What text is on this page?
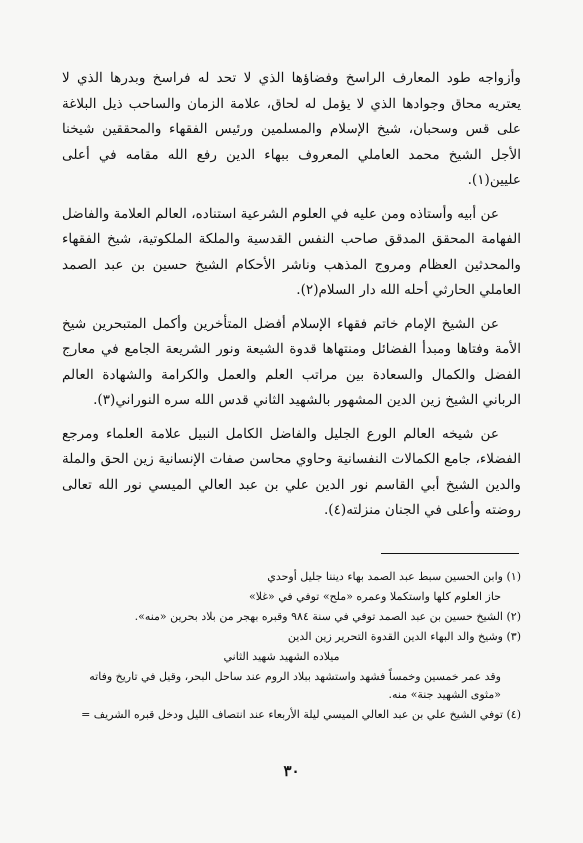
وأزواجه طود المعارف الراسخ وفضاؤها الذي لا تحد له فراسخ وبدرها الذي لا يعتريه محاق وجوادها الذي لا يؤمل له لحاق، علامة الزمان والساحب ذيل البلاغة على قس وسحبان، شيخ الإسلام والمسلمين ورئيس الفقهاء والمحققين شيخنا الأجل الشيخ محمد العاملي المعروف ببهاء الدين رفع الله مقامه في أعلى عليين(١).

عن أبيه وأستاذه ومن عليه في العلوم الشرعية استناده، العالم العلامة والفاضل الفهامة المحقق المدقق صاحب النفس القدسية والملكة الملكوتية، شيخ الفقهاء والمحدثين العظام ومروج المذهب وناشر الأحكام الشيخ حسين بن عبد الصمد العاملي الحارثي أحله الله دار السلام(٢).

عن الشيخ الإمام خاتم فقهاء الإسلام أفضل المتأخرين وأكمل المتبحرين شيخ الأمة وفتاها ومبدأ الفضائل ومنتهاها قدوة الشيعة ونور الشريعة الجامع في معارج الفضل والكمال والسعادة بين مراتب العلم والعمل والكرامة والشهادة العالم الرباني الشيخ زين الدين المشهور بالشهيد الثاني قدس الله سره النوراني(٣).

عن شيخه العالم الورع الجليل والفاضل الكامل النبيل علامة العلماء ومرجع الفضلاء، جامع الكمالات النفسانية وحاوي محاسن صفات الإنسانية زين الحق والملة والدين الشيخ أبي القاسم نور الدين علي بن عبد العالي الميسي نور الله تعالى روضته وأعلى في الجنان منزلته(٤).

(١) وابن الحسين سبط عبد الصمد بهاء ديننا جليل أوحدي

حاز العلوم كلها واستكملا وعمره «ملح» توفي في «غلا»

(٢) الشيخ حسين بن عبد الصمد توفي في سنة ٩٨٤ وقبره بهجر من بلاد بحرين «منه».

(٣) وشيخ والد البهاء الدين القدوة التحرير زين الدين

ميلاده الشهيد شهيد الثاني

وقد عمر خمسين وخمساً فشهد واستشهد ببلاد الروم عند ساحل البحر، وقيل في تاريخ وفاته «مثوى الشهيد جنة» منه.

(٤) توفي الشيخ علي بن عبد العالي الميسي ليلة الأربعاء عند انتصاف الليل ودخل قبره الشريف =

٣٠
